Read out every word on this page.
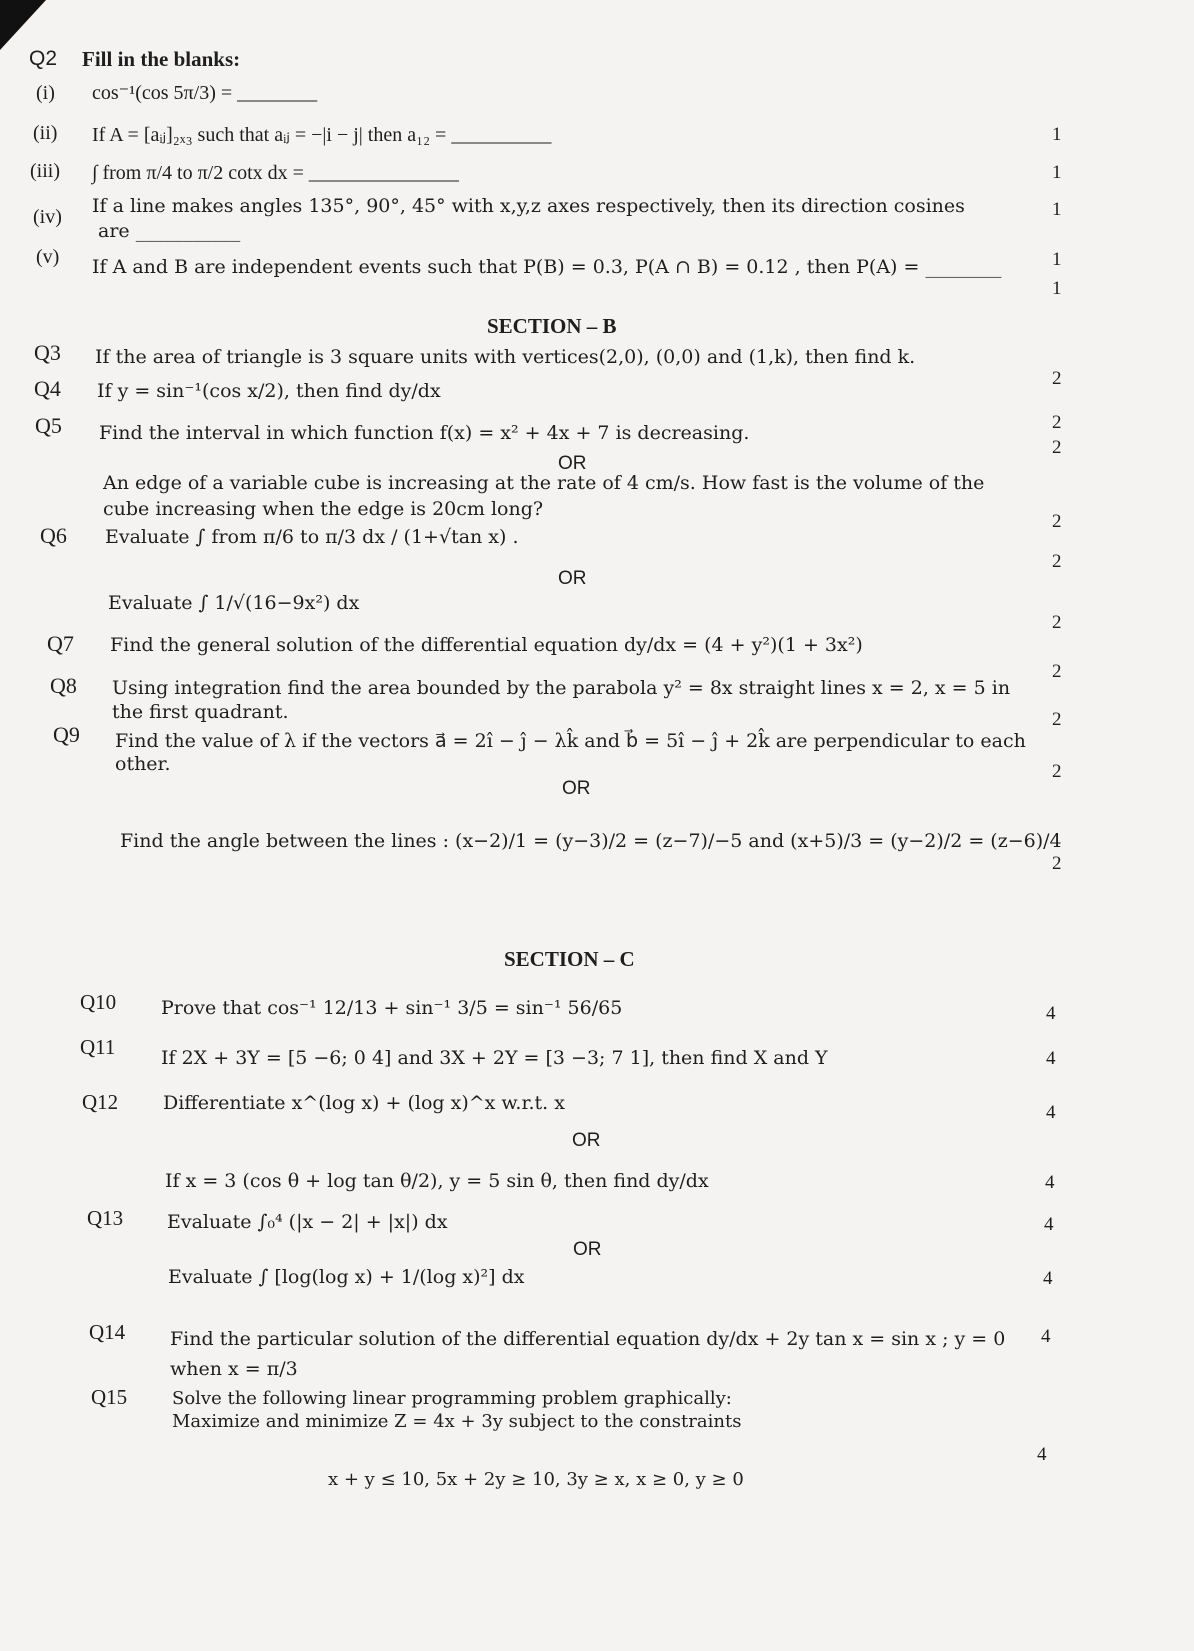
Q2 Fill in the blanks:
(i) cos⁻¹(cos 5π/3) = ________
(ii) If A = [aᵢⱼ]₂ₓ₃ such that aᵢⱼ = −|i − j| then a₁₂ = __________
(iii) ∫ from π/4 to π/2 cotx dx = _______________
(iv) If a line makes angles 135°, 90°, 45° with x,y,z axes respectively, then its direction cosines
are ___________
(v) If A and B are independent events such that P(B) = 0.3, P(A ∩ B) = 0.12 , then P(A) = ________
SECTION – B
Q3 If the area of triangle is 3 square units with vertices(2,0), (0,0) and (1,k), then find k.
Q4 If y = sin⁻¹(cos x/2), then find dy/dx
Q5 Find the interval in which function f(x) = x² + 4x + 7 is decreasing.
OR
An edge of a variable cube is increasing at the rate of 4 cm/s. How fast is the volume of the
cube increasing when the edge is 20cm long?
Q6 Evaluate ∫ from π/6 to π/3 dx / (1+√tan x) .
OR
Evaluate ∫ 1/√(16−9x²) dx
Q7 Find the general solution of the differential equation dy/dx = (4 + y²)(1 + 3x²)
Q8 Using integration find the area bounded by the parabola y² = 8x straight lines x = 2, x = 5 in
the first quadrant.
Q9 Find the value of λ if the vectors a⃗ = 2î − ĵ − λk̂ and b⃗ = 5î − ĵ + 2k̂ are perpendicular to each
other.
OR
Find the angle between the lines : (x−2)/1 = (y−3)/2 = (z−7)/−5 and (x+5)/3 = (y−2)/2 = (z−6)/4
SECTION – C
Q10 Prove that cos⁻¹ 12/13 + sin⁻¹ 3/5 = sin⁻¹ 56/65
Q11 If 2X + 3Y = [5 −6; 0 4] and 3X + 2Y = [3 −3; 7 1], then find X and Y
Q12 Differentiate x^(log x) + (log x)^x w.r.t. x
OR
If x = 3 (cos θ + log tan θ/2), y = 5 sin θ, then find dy/dx
Q13 Evaluate ∫₀⁴ (|x − 2| + |x|) dx
OR
Evaluate ∫ [log(log x) + 1/(log x)²] dx
Q14 Find the particular solution of the differential equation dy/dx + 2y tan x = sin x ; y = 0
when x = π/3
Q15 Solve the following linear programming problem graphically:
Maximize and minimize Z = 4x + 3y subject to the constraints
x + y ≤ 10, 5x + 2y ≥ 10, 3y ≥ x, x ≥ 0, y ≥ 0
1
1
1
1
1
2
2
2
2
2
2
2
2
2
2
4
4
4
4
4
4
4
4
